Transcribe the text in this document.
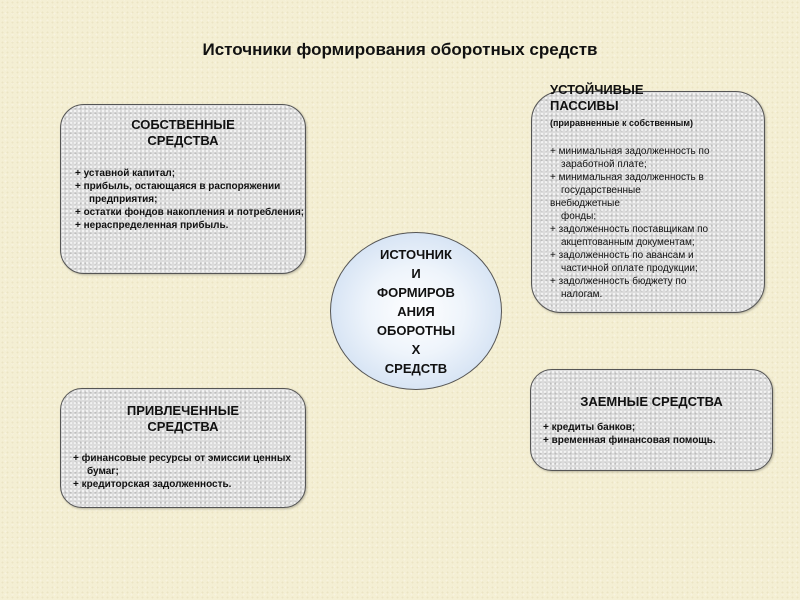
Источники формирования оборотных средств
СОБСТВЕННЫЕ
СРЕДСТВА
+ уставной капитал;
+ прибыль, остающаяся в распоряжении предприятия;
+ остатки фондов накопления и потребления;
+ нераспределенная прибыль.
УСТОЙЧИВЫЕ
ПАССИВЫ
(приравненные к собственным)
+ минимальная задолженность по
заработной плате;
+ минимальная задолженность в
государственные
внебюджетные
фонды;
+ задолженность поставщикам по
акцептованным документам;
+ задолженность по авансам и
частичной оплате продукции;
+ задолженность бюджету по
налогам.
ИСТОЧНИК
И
ФОРМИРОВ
АНИЯ
ОБОРОТНЫ
Х
СРЕДСТВ
ПРИВЛЕЧЕННЫЕ
СРЕДСТВА
+ финансовые ресурсы от эмиссии ценных бумаг;
+ кредиторская задолженность.
ЗАЕМНЫЕ СРЕДСТВА
+ кредиты банков;
+ временная финансовая помощь.
